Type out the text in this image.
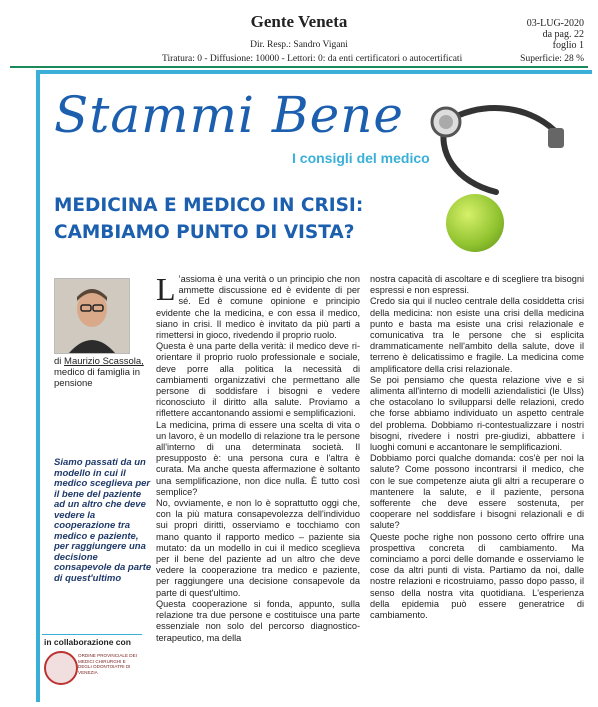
Gente Veneta	03-LUG-2020
da pag. 22
foglio 1
Dir. Resp.: Sandro Vigani
Tiratura: 0 - Diffusione: 10000 - Lettori: 0: da enti certificatori o autocertificati	Superficie: 28 %
Stammi Bene
I consigli del medico
MEDICINA E MEDICO IN CRISI:
CAMBIAMO PUNTO DI VISTA?
di Maurizio Scassola,
medico di famiglia in pensione
Siamo passati da un modello in cui il medico sceglieva per il bene del paziente ad un altro che deve vedere la cooperazione tra medico e paziente, per raggiungere una decisione consapevole da parte di quest'ultimo
in collaborazione con
ORDINE PROVINCIALE DEI MEDICI CHIRURGHI E DEGLI ODONTOIATRI DI VENEZIA
L ’assioma è una verità o un principio che non ammette discussione ed è evidente di per sé. Ed è comune opinione e principio evidente che la medicina, e con essa il medico, siano in crisi. Il medico è invitato da più parti a rimettersi in gioco, rivedendo il proprio ruolo.

Questa è una parte della verità: il medico deve ri-orientare il proprio ruolo professionale e sociale, deve porre alla politica la necessità di cambiamenti organizzativi che permettano alle persone di soddisfare i bisogni e vedere riconosciuto il diritto alla salute. Proviamo a riflettere accantonando assiomi e semplificazioni.

La medicina, prima di essere una scelta di vita o un lavoro, è un modello di relazione tra le persone all'interno di una determinata società. Il presupposto è: una persona cura e l'altra è curata. Ma anche questa affermazione è soltanto una semplificazione, non dice nulla. È tutto così semplice?

No, ovviamente, e non lo è soprattutto oggi che, con la più matura consapevolezza dell'individuo sui propri diritti, osserviamo e tocchiamo con mano quanto il rapporto medico – paziente sia mutato: da un modello in cui il medico sceglieva per il bene del paziente ad un altro che deve vedere la cooperazione tra medico e paziente, per raggiungere una decisione consapevole da parte di quest'ultimo.

Questa cooperazione si fonda, appunto, sulla relazione tra due persone e costituisce una parte essenziale non solo del percorso diagnostico-terapeutico, ma della

nostra capacità di ascoltare e di scegliere tra bisogni espressi e non espressi.

Credo sia qui il nucleo centrale della cosiddetta crisi della medicina: non esiste una crisi della medicina punto e basta ma esiste una crisi relazionale e comunicativa tra le persone che si esplicita drammaticamente nell'ambito della salute, dove il terreno è delicatissimo e fragile. La medicina come amplificatore della crisi relazionale.

Se poi pensiamo che questa relazione vive e si alimenta all'interno di modelli aziendalistici (le Ulss) che ostacolano lo svilupparsi delle relazioni, credo che forse abbiamo individuato un aspetto centrale del problema. Dobbiamo ri-contestualizzare i nostri bisogni, rivedere i nostri pre-giudizi, abbattere i luoghi comuni e accantonare le semplificazioni.

Dobbiamo porci qualche domanda: cos'è per noi la salute? Come possono incontrarsi il medico, che con le sue competenze aiuta gli altri a recuperare o mantenere la salute, e il paziente, persona sofferente che deve essere sostenuta, per cooperare nel soddisfare i bisogni relazionali e di salute?

Queste poche righe non possono certo offrire una prospettiva concreta di cambiamento. Ma cominciamo a porci delle domande e osserviamo le cose da altri punti di vista. Partiamo da noi, dalle nostre relazioni e ricostruiamo, passo dopo passo, il senso della nostra vita quotidiana. L'esperienza della epidemia può essere generatrice di cambiamento.
